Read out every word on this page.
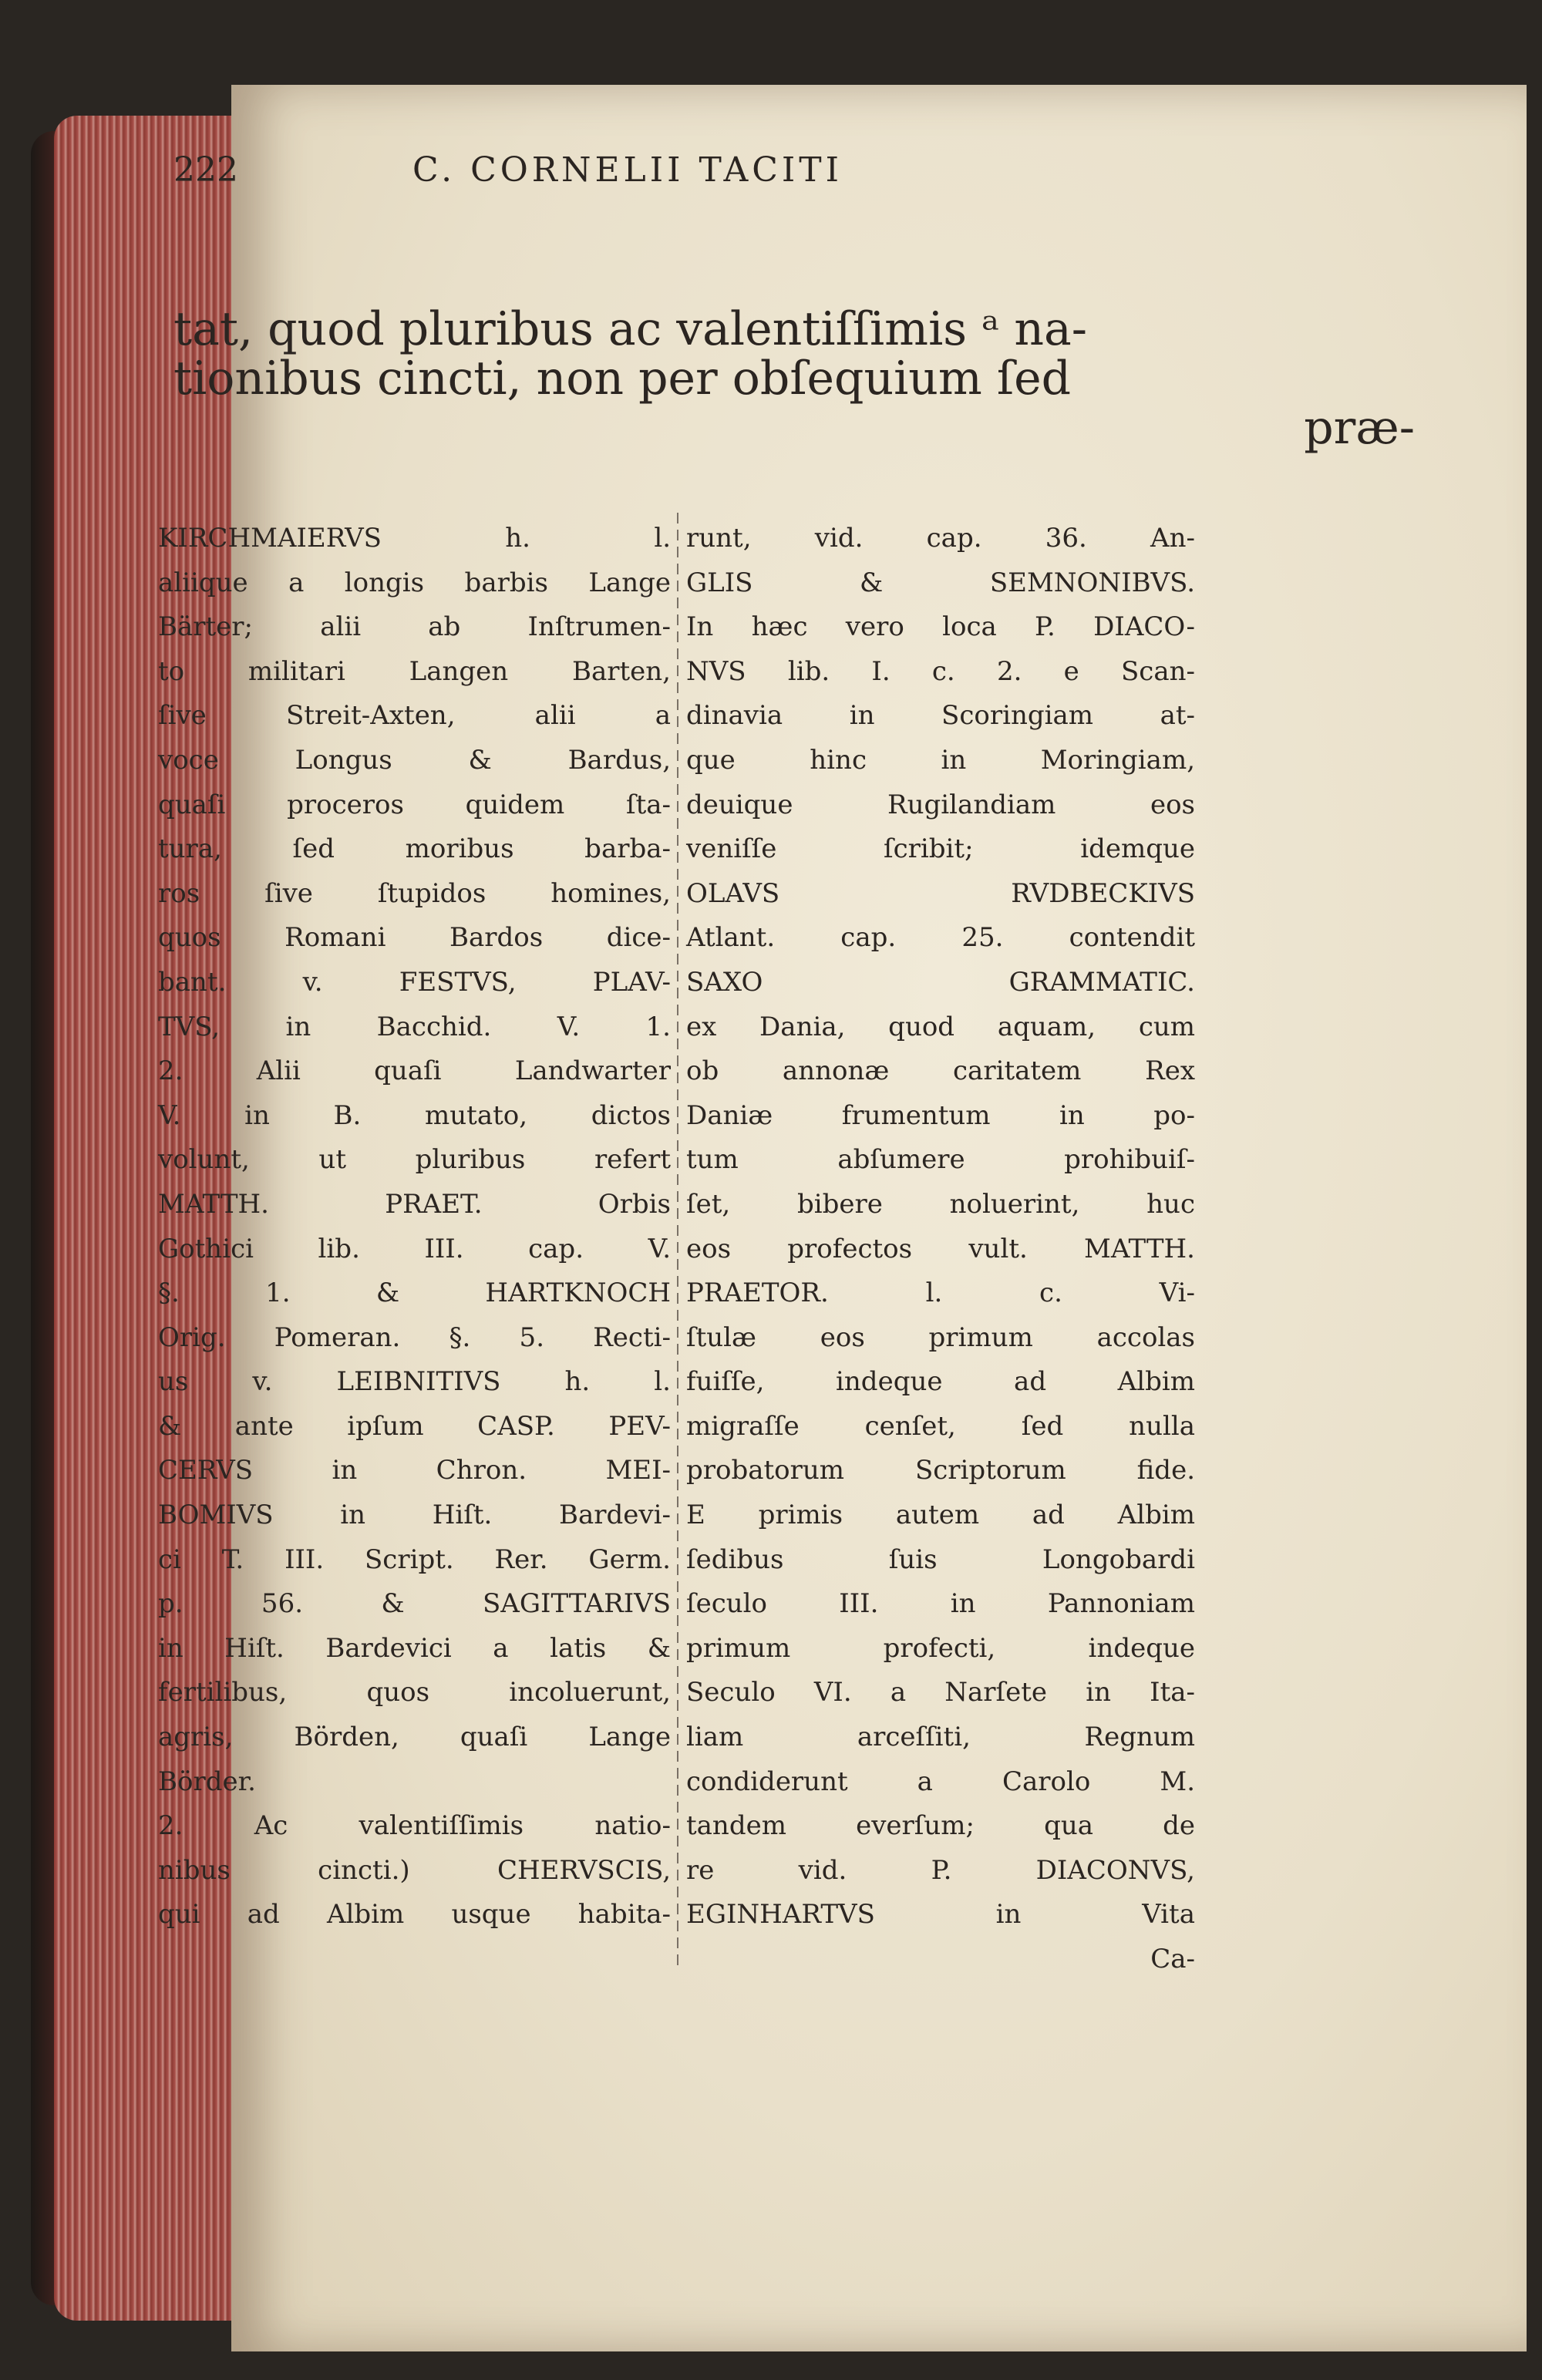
222	C. CORNELII TACITI
tat, quod pluribus ac valentiſſimis ᵃ na-
tionibus cincti, non per obſequium ſed
præ-
KIRCHMAIERVS h. l.
aliique a longis barbis Lange
Bärter; alii ab Inſtrumen-
to militari Langen Barten,
ſive Streit-Axten, alii a
voce Longus & Bardus,
quaſi proceros quidem ſta-
tura, ſed moribus barba-
ros ſive ſtupidos homines,
quos Romani Bardos dice-
bant. v. FESTVS, PLAV-
TVS, in Bacchid. V. 1.
2. Alii quaſi Landwarter
V. in B. mutato, dictos
volunt, ut pluribus refert
MATTH. PRAET. Orbis
Gothici lib. III. cap. V.
§. 1. & HARTKNOCH
Orig. Pomeran. §. 5. Recti-
us v. LEIBNITIVS h. l.
& ante ipſum CASP. PEV-
CERVS in Chron. MEI-
BOMIVS in Hiſt. Bardevi-
ci T. III. Script. Rer. Germ.
p. 56. & SAGITTARIVS
in Hiſt. Bardevici a latis &
fertilibus, quos incoluerunt,
agris, Börden, quaſi Lange
Börder.
2. Ac valentiſſimis natio-
nibus cincti.) CHERVSCIS,
qui ad Albim usque habita-
runt, vid. cap. 36. An-
GLIS & SEMNONIBVS.
In hæc vero loca P. DIACO-
NVS lib. I. c. 2. e Scan-
dinavia in Scoringiam at-
que hinc in Moringiam,
deuique Rugilandiam eos
veniſſe ſcribit; idemque
OLAVS RVDBECKIVS
Atlant. cap. 25. contendit
SAXO GRAMMATIC.
ex Dania, quod aquam, cum
ob annonæ caritatem Rex
Daniæ frumentum in po-
tum abſumere prohibuiſ-
ſet, bibere noluerint, huc
eos profectos vult. MATTH.
PRAETOR. l. c. Vi-
ſtulæ eos primum accolas
fuiſſe, indeque ad Albim
migraſſe cenſet, ſed nulla
probatorum Scriptorum fide.
E primis autem ad Albim
ſedibus ſuis Longobardi
ſeculo III. in Pannoniam
primum profecti, indeque
Seculo VI. a Narſete in Ita-
liam arceſſiti, Regnum
condiderunt a Carolo M.
tandem everſum; qua de
re vid. P. DIACONVS,
EGINHARTVS in Vita
Ca-
